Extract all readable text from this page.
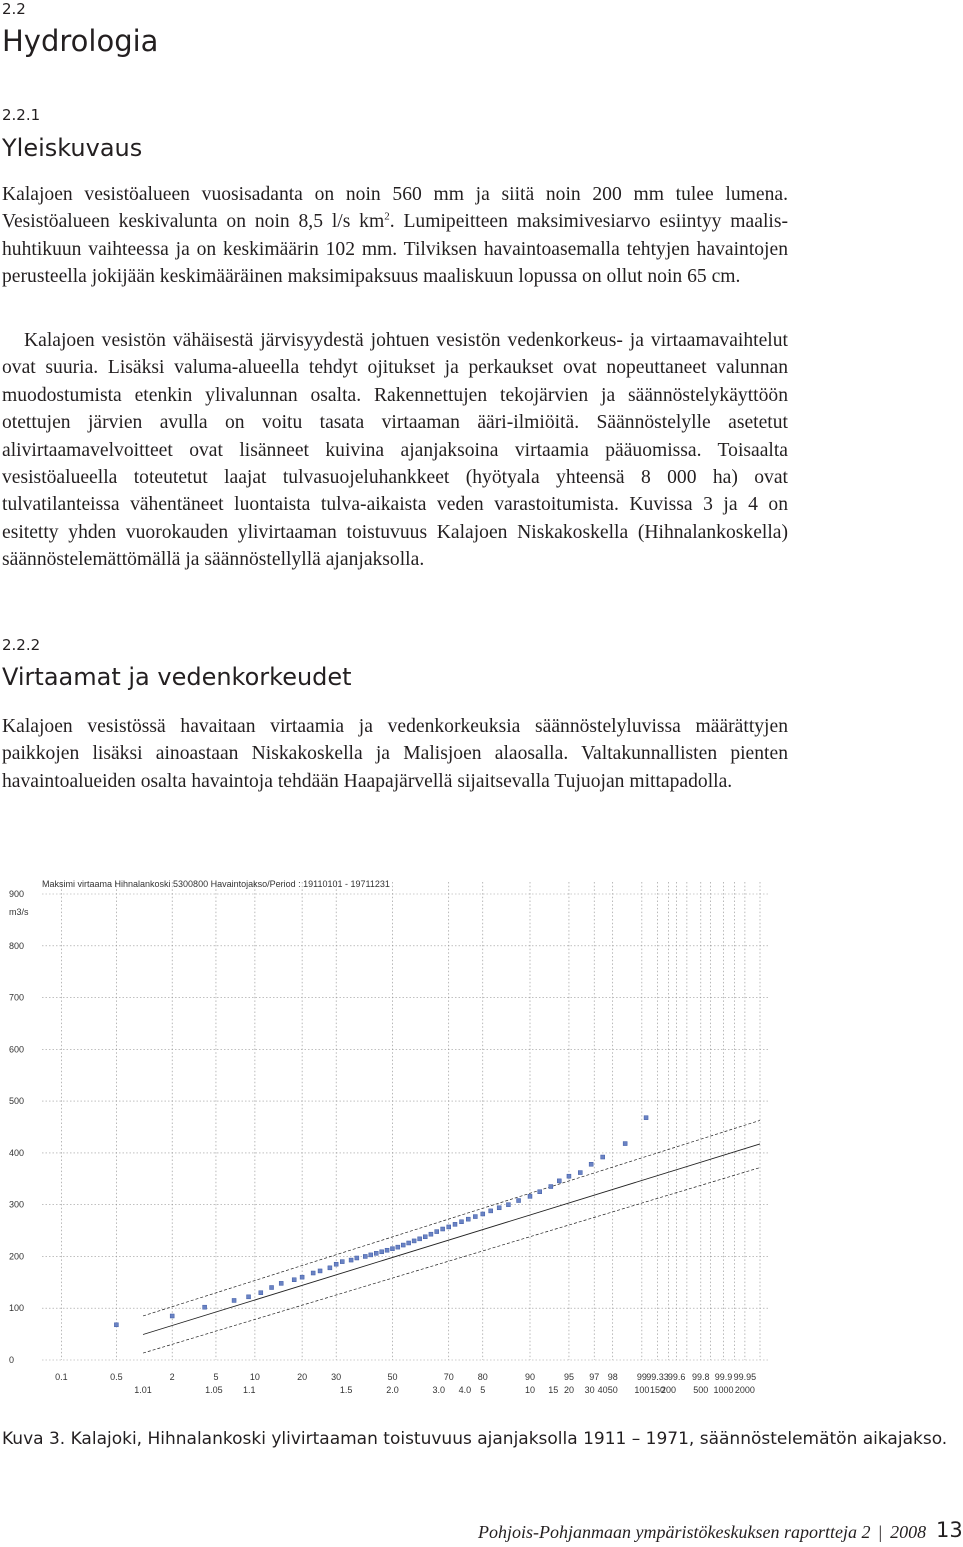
2.2
Hydrologia
2.2.1
Yleiskuvaus

Kalajoen vesistöalueen vuosisadanta on noin 560 mm ja siitä noin 200 mm tulee lumena. Vesistöalueen keskivalunta on noin 8,5 l/s $km^2$. Lumipeitteen maksimivesiarvo esiintyy maalis-huhtikuun vaihteessa ja on keskimäärin 102 mm. Tilviksen havaintoasemalla tehtyjen havaintojen perusteella jokijään keskimääräinen maksimipaksuus maaliskuun lopussa on ollut noin 65 cm.

Kalajoen vesistön vähäisestä järvisyydestä johtuen vesistön vedenkorkeus- ja virtaamavaihtelut ovat suuria. Lisäksi valuma-alueella tehdyt ojitukset ja perkaukset ovat nopeuttaneet valunnan muodostumista etenkin ylivalunnan osalta. Rakennettujen tekojärvien ja säännöstelykäyttöön otettujen järvien avulla on voitu tasata virtaaman ääri-ilmiöitä. Säännöstelylle asetetut alivirtaamavelvoitteet ovat lisänneet kuivina ajanjaksoina virtaamia pääuomissa. Toisaalta vesistöalueella toteutetut laajat tulvasuojeluhankkeet (hyötyala yhteensä 8 000 ha) ovat tulvatilanteissa vähentäneet luontaista tulva-aikaista veden varastoitumista. Kuvissa 3 ja 4 on esitetty yhden vuorokauden ylivirtaaman toistuvuus Kalajoen Niskakoskella (Hihnalankoskella) säännöstelemättömällä ja säännöstellyllä ajanjaksolla.

2.2.2
Virtaamat ja vedenkorkeudet

Kalajoen vesistössä havaitaan virtaamia ja vedenkorkeuksia säännöstelyluvissa määrättyjen paikkojen lisäksi ainoastaan Niskakoskella ja Malisjoen alaosalla. Valtakunnallisten pienten havaintoalueiden osalta havaintoja tehdään Haapajärvellä sijaitsevalla Tujuojan mittapadolla.

0
100
200
300
400
500
600
700
800
900
0.1	0.5	2	5	10	20	30	50	70	80	90	95 97 98 99 99.33 99.6 99.8 99.9 99.95
1.01	1.05 1.1	1.5	2.0	3.0 4.0 5	10 15 20 30 40 50 100 150
200 500 1000 2000
Maksimi virtaama Hihnalankoski 5300800 Havaintojakso/Period : 19110101 - 19711231
m3/s
Kuva 3. Kalajoki, Hihnalankoski ylivirtaaman toistuvuus ajanjaksolla 1911 – 1971, säännöstelemätön aikajakso.
Pohjois-Pohjanmaan ympäristökeskuksen raportteja 2 | 2008 13
